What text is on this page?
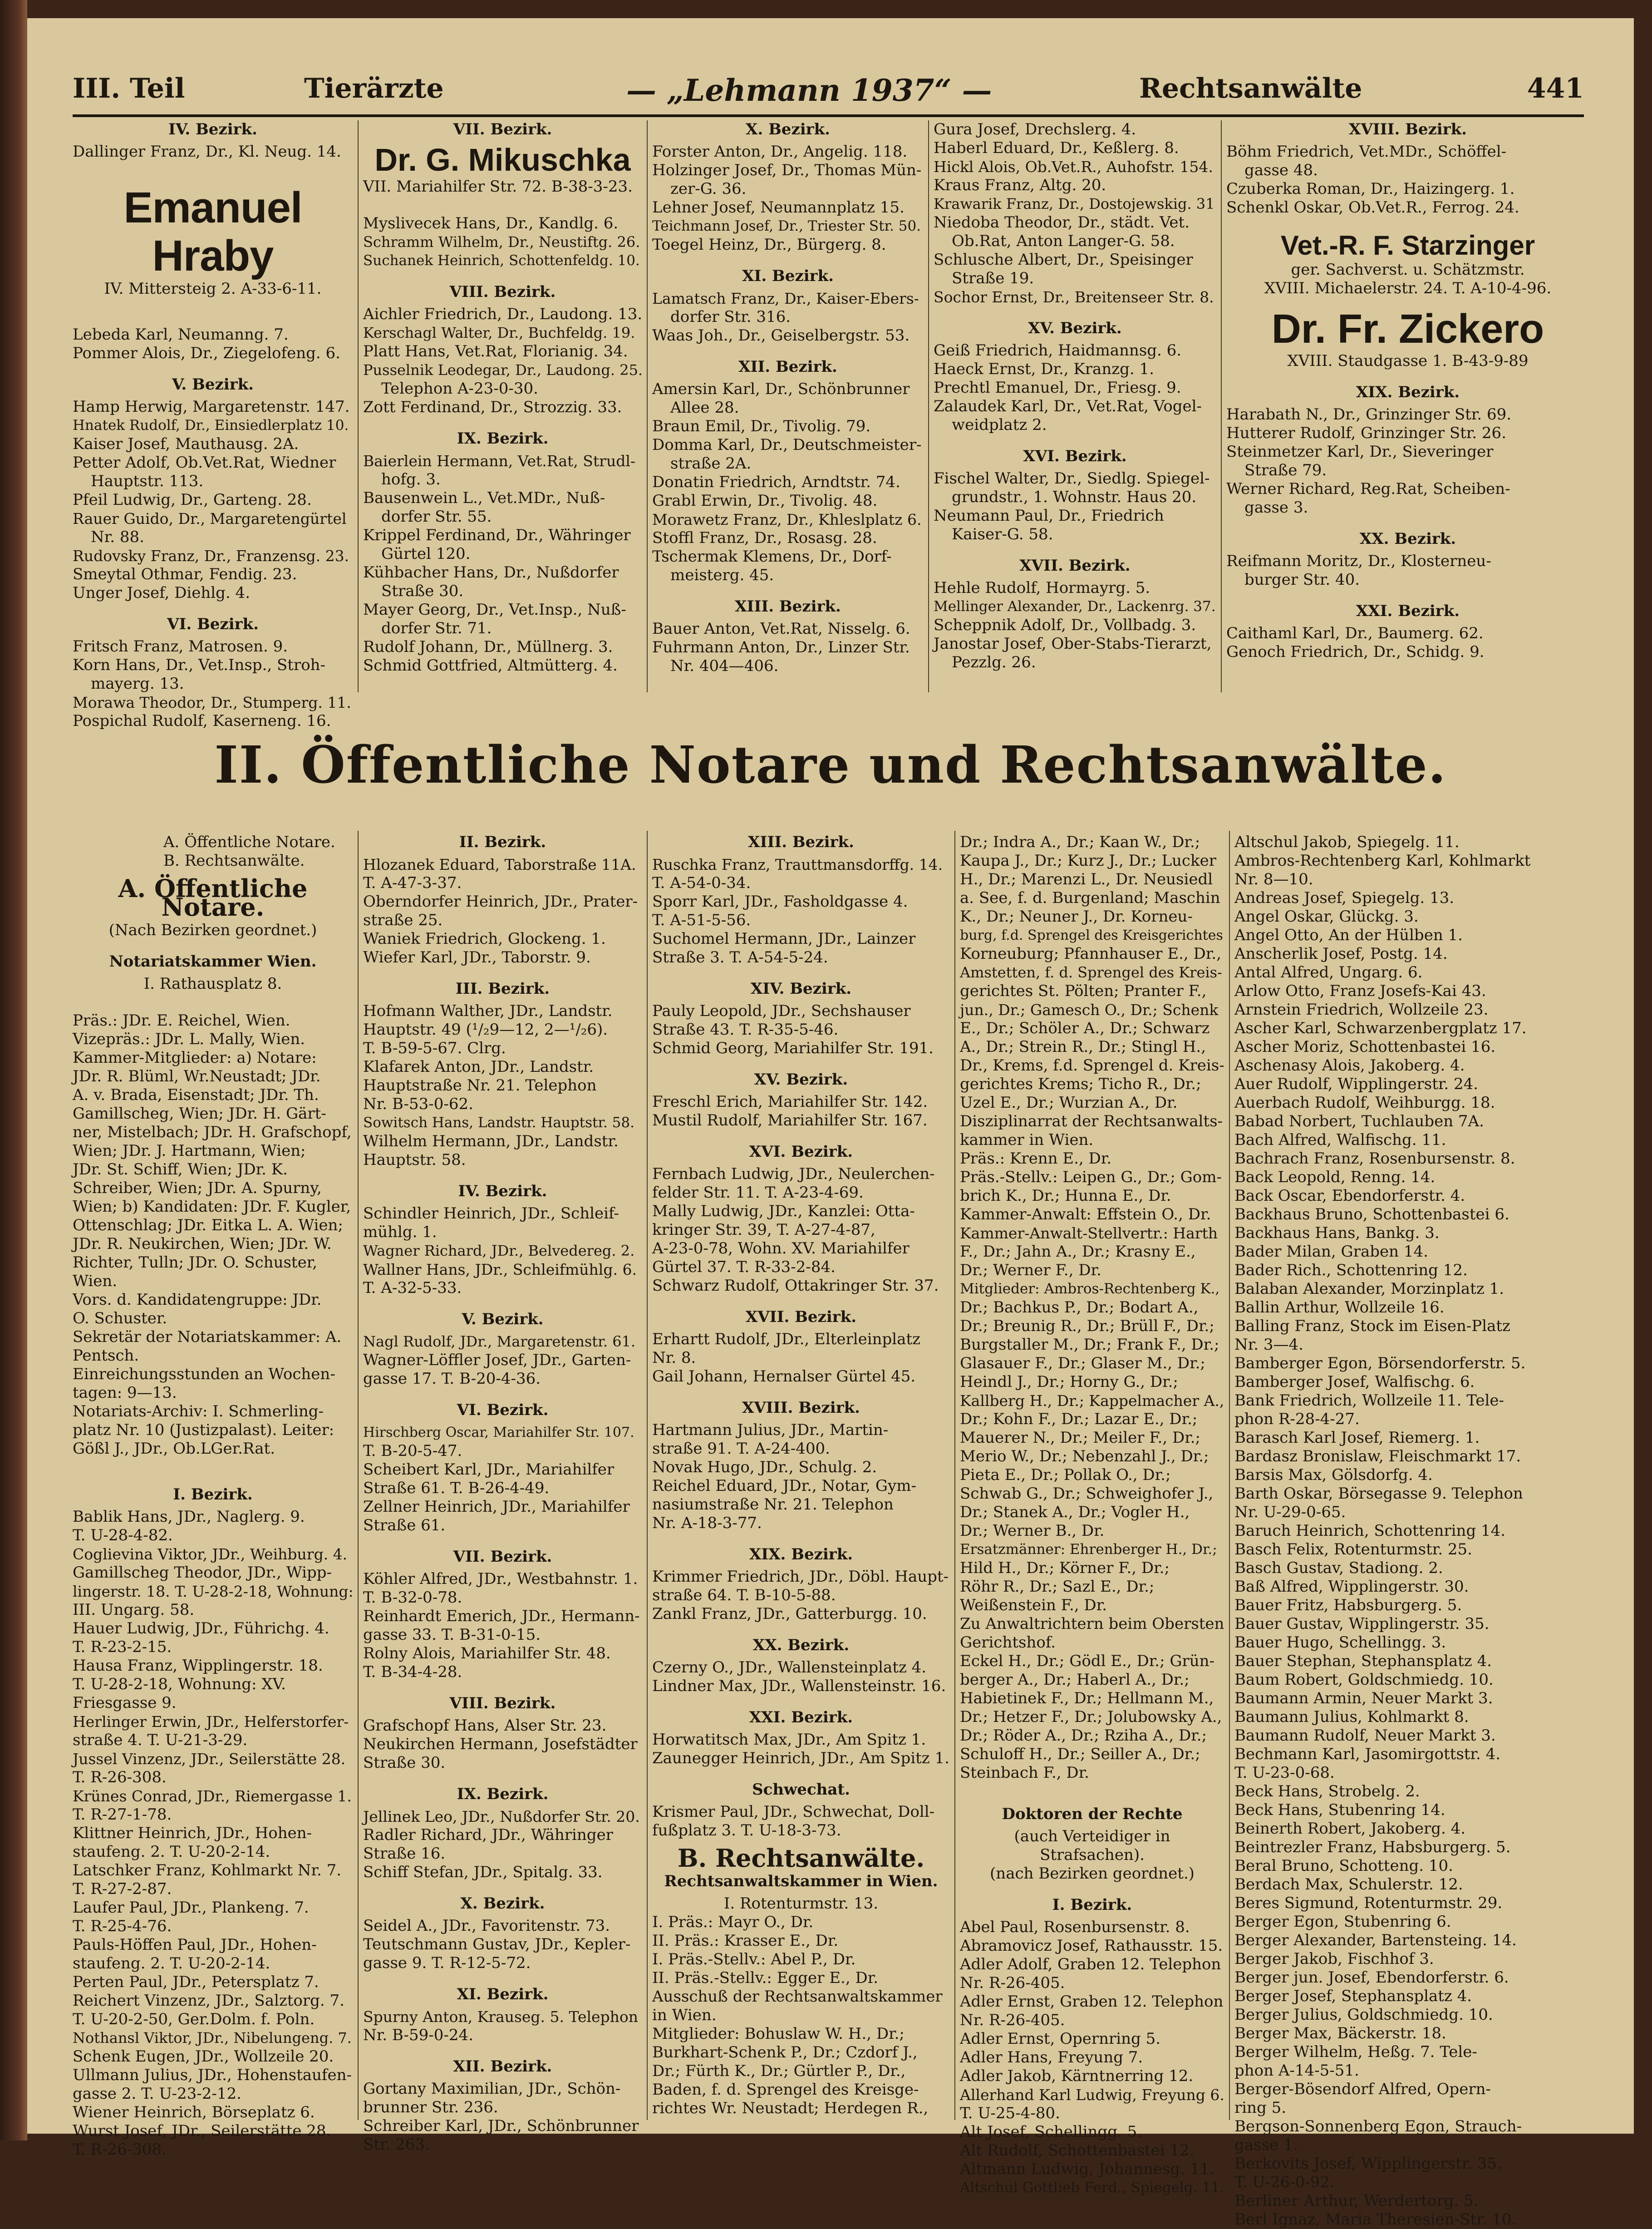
III. Teil	Tierärzte	— „Lehmann 1937“ —	Rechtsanwälte	441
IV. Bezirk.
Dallinger Franz, Dr., Kl. Neug. 14.
Emanuel Hraby
IV. Mittersteig 2. A-33-6-11.
Lebeda Karl, Neumanng. 7.
Pommer Alois, Dr., Ziegelofeng. 6.
V. Bezirk.
Hamp Herwig, Margaretenstr. 147.
Hnatek Rudolf, Dr., Einsiedlerplatz 10.
Kaiser Josef, Mauthausg. 2A.
Petter Adolf, Ob.Vet.Rat, Wiedner
Hauptstr. 113.
Pfeil Ludwig, Dr., Garteng. 28.
Rauer Guido, Dr., Margaretengürtel
Nr. 88.
Rudovsky Franz, Dr., Franzensg. 23.
Smeytal Othmar, Fendig. 23.
Unger Josef, Diehlg. 4.
VI. Bezirk.
Fritsch Franz, Matrosen. 9.
Korn Hans, Dr., Vet.Insp., Stroh-
mayerg. 13.
Morawa Theodor, Dr., Stumperg. 11.
Pospichal Rudolf, Kaserneng. 16.
VII. Bezirk.
Dr. G. Mikuschka
VII. Mariahilfer Str. 72. B-38-3-23.
Myslivecek Hans, Dr., Kandlg. 6.
Schramm Wilhelm, Dr., Neustiftg. 26.
Suchanek Heinrich, Schottenfeldg. 10.
VIII. Bezirk.
Aichler Friedrich, Dr., Laudong. 13.
Kerschagl Walter, Dr., Buchfeldg. 19.
Platt Hans, Vet.Rat, Florianig. 34.
Pusselnik Leodegar, Dr., Laudong. 25.
Telephon A-23-0-30.
Zott Ferdinand, Dr., Strozzig. 33.
IX. Bezirk.
Baierlein Hermann, Vet.Rat, Strudl-
hofg. 3.
Bausenwein L., Vet.MDr., Nuß-
dorfer Str. 55.
Krippel Ferdinand, Dr., Währinger
Gürtel 120.
Kühbacher Hans, Dr., Nußdorfer
Straße 30.
Mayer Georg, Dr., Vet.Insp., Nuß-
dorfer Str. 71.
Rudolf Johann, Dr., Müllnerg. 3.
Schmid Gottfried, Altmütterg. 4.
X. Bezirk.
Forster Anton, Dr., Angelig. 118.
Holzinger Josef, Dr., Thomas Mün-
zer-G. 36.
Lehner Josef, Neumannplatz 15.
Teichmann Josef, Dr., Triester Str. 50.
Toegel Heinz, Dr., Bürgerg. 8.
XI. Bezirk.
Lamatsch Franz, Dr., Kaiser-Ebers-
dorfer Str. 316.
Waas Joh., Dr., Geiselbergstr. 53.
XII. Bezirk.
Amersin Karl, Dr., Schönbrunner
Allee 28.
Braun Emil, Dr., Tivolig. 79.
Domma Karl, Dr., Deutschmeister-
straße 2A.
Donatin Friedrich, Arndtstr. 74.
Grabl Erwin, Dr., Tivolig. 48.
Morawetz Franz, Dr., Khleslplatz 6.
Stoffl Franz, Dr., Rosasg. 28.
Tschermak Klemens, Dr., Dorf-
meisterg. 45.
XIII. Bezirk.
Bauer Anton, Vet.Rat, Nisselg. 6.
Fuhrmann Anton, Dr., Linzer Str.
Nr. 404—406.
Gura Josef, Drechslerg. 4.
Haberl Eduard, Dr., Keßlerg. 8.
Hickl Alois, Ob.Vet.R., Auhofstr. 154.
Kraus Franz, Altg. 20.
Krawarik Franz, Dr., Dostojewskig. 31
Niedoba Theodor, Dr., städt. Vet.
Ob.Rat, Anton Langer-G. 58.
Schlusche Albert, Dr., Speisinger
Straße 19.
Sochor Ernst, Dr., Breitenseer Str. 8.
XV. Bezirk.
Geiß Friedrich, Haidmannsg. 6.
Haeck Ernst, Dr., Kranzg. 1.
Prechtl Emanuel, Dr., Friesg. 9.
Zalaudek Karl, Dr., Vet.Rat, Vogel-
weidplatz 2.
XVI. Bezirk.
Fischel Walter, Dr., Siedlg. Spiegel-
grundstr., 1. Wohnstr. Haus 20.
Neumann Paul, Dr., Friedrich
Kaiser-G. 58.
XVII. Bezirk.
Hehle Rudolf, Hormayrg. 5.
Mellinger Alexander, Dr., Lackenrg. 37.
Scheppnik Adolf, Dr., Vollbadg. 3.
Janostar Josef, Ober-Stabs-Tierarzt,
Pezzlg. 26.
XVIII. Bezirk.
Böhm Friedrich, Vet.MDr., Schöffel-
gasse 48.
Czuberka Roman, Dr., Haizingerg. 1.
Schenkl Oskar, Ob.Vet.R., Ferrog. 24.
Vet.-R. F. Starzinger
ger. Sachverst. u. Schätzmstr.
XVIII. Michaelerstr. 24. T. A-10-4-96.
Dr. Fr. Zickero
XVIII. Staudgasse 1. B-43-9-89
XIX. Bezirk.
Harabath N., Dr., Grinzinger Str. 69.
Hutterer Rudolf, Grinzinger Str. 26.
Steinmetzer Karl, Dr., Sieveringer
Straße 79.
Werner Richard, Reg.Rat, Scheiben-
gasse 3.
XX. Bezirk.
Reifmann Moritz, Dr., Klosterneu-
burger Str. 40.
XXI. Bezirk.
Caithaml Karl, Dr., Baumerg. 62.
Genoch Friedrich, Dr., Schidg. 9.
II. Öffentliche Notare und Rechtsanwälte.
A. Öffentliche Notare.
B. Rechtsanwälte.
A. Öffentliche Notare.
(Nach Bezirken geordnet.)
Notariatskammer Wien.
I. Rathausplatz 8.
Präs.: JDr. E. Reichel, Wien.
Vizepräs.: JDr. L. Mally, Wien.
Kammer-Mitglieder: a) Notare:
JDr. R. Blüml, Wr.Neustadt; JDr.
A. v. Brada, Eisenstadt; JDr. Th.
Gamillscheg, Wien; JDr. H. Gärt-
ner, Mistelbach; JDr. H. Grafschopf,
Wien; JDr. J. Hartmann, Wien;
JDr. St. Schiff, Wien; JDr. K.
Schreiber, Wien; JDr. A. Spurny,
Wien; b) Kandidaten: JDr. F. Kugler,
Ottenschlag; JDr. Eitka L. A. Wien;
JDr. R. Neukirchen, Wien; JDr. W.
Richter, Tulln; JDr. O. Schuster,
Wien.
Vors. d. Kandidatengruppe: JDr.
O. Schuster.
Sekretär der Notariatskammer: A.
Pentsch.
Einreichungsstunden an Wochen-
tagen: 9—13.
Notariats-Archiv: I. Schmerling-
platz Nr. 10 (Justizpalast). Leiter:
Gößl J., JDr., Ob.LGer.Rat.
I. Bezirk.
Bablik Hans, JDr., Naglerg. 9.
T. U-28-4-82.
Coglievina Viktor, JDr., Weihburg. 4.
Gamillscheg Theodor, JDr., Wipp-
lingerstr. 18. T. U-28-2-18, Wohnung:
III. Ungarg. 58.
Hauer Ludwig, JDr., Führichg. 4.
T. R-23-2-15.
Hausa Franz, Wipplingerstr. 18.
T. U-28-2-18, Wohnung: XV.
Friesgasse 9.
Herlinger Erwin, JDr., Helferstorfer-
straße 4. T. U-21-3-29.
Jussel Vinzenz, JDr., Seilerstätte 28.
T. R-26-308.
Krünes Conrad, JDr., Riemergasse 1.
T. R-27-1-78.
Klittner Heinrich, JDr., Hohen-
staufeng. 2. T. U-20-2-14.
Latschker Franz, Kohlmarkt Nr. 7.
T. R-27-2-87.
Laufer Paul, JDr., Plankeng. 7.
T. R-25-4-76.
Pauls-Höffen Paul, JDr., Hohen-
staufeng. 2. T. U-20-2-14.
Perten Paul, JDr., Petersplatz 7.
Reichert Vinzenz, JDr., Salztorg. 7.
T. U-20-2-50, Ger.Dolm. f. Poln.
Nothansl Viktor, JDr., Nibelungeng. 7.
Schenk Eugen, JDr., Wollzeile 20.
Ullmann Julius, JDr., Hohenstaufen-
gasse 2. T. U-23-2-12.
Wiener Heinrich, Börseplatz 6.
Wurst Josef, JDr., Seilerstätte 28.
T. R-26-308.
II. Bezirk.
Hlozanek Eduard, Taborstraße 11A.
T. A-47-3-37.
Oberndorfer Heinrich, JDr., Prater-
straße 25.
Waniek Friedrich, Glockeng. 1.
Wiefer Karl, JDr., Taborstr. 9.
III. Bezirk.
Hofmann Walther, JDr., Landstr.
Hauptstr. 49 (¹/₂9—12, 2—¹/₂6).
T. B-59-5-67. Clrg.
Klafarek Anton, JDr., Landstr.
Hauptstraße Nr. 21. Telephon
Nr. B-53-0-62.
Sowitsch Hans, Landstr. Hauptstr. 58.
Wilhelm Hermann, JDr., Landstr.
Hauptstr. 58.
IV. Bezirk.
Schindler Heinrich, JDr., Schleif-
mühlg. 1.
Wagner Richard, JDr., Belvedereg. 2.
Wallner Hans, JDr., Schleifmühlg. 6.
T. A-32-5-33.
V. Bezirk.
Nagl Rudolf, JDr., Margaretenstr. 61.
Wagner-Löffler Josef, JDr., Garten-
gasse 17. T. B-20-4-36.
VI. Bezirk.
Hirschberg Oscar, Mariahilfer Str. 107.
T. B-20-5-47.
Scheibert Karl, JDr., Mariahilfer
Straße 61. T. B-26-4-49.
Zellner Heinrich, JDr., Mariahilfer
Straße 61.
VII. Bezirk.
Köhler Alfred, JDr., Westbahnstr. 1.
T. B-32-0-78.
Reinhardt Emerich, JDr., Hermann-
gasse 33. T. B-31-0-15.
Rolny Alois, Mariahilfer Str. 48.
T. B-34-4-28.
VIII. Bezirk.
Grafschopf Hans, Alser Str. 23.
Neukirchen Hermann, Josefstädter
Straße 30.
IX. Bezirk.
Jellinek Leo, JDr., Nußdorfer Str. 20.
Radler Richard, JDr., Währinger
Straße 16.
Schiff Stefan, JDr., Spitalg. 33.
X. Bezirk.
Seidel A., JDr., Favoritenstr. 73.
Teutschmann Gustav, JDr., Kepler-
gasse 9. T. R-12-5-72.
XI. Bezirk.
Spurny Anton, Krauseg. 5. Telephon
Nr. B-59-0-24.
XII. Bezirk.
Gortany Maximilian, JDr., Schön-
brunner Str. 236.
Schreiber Karl, JDr., Schönbrunner
Str. 263.
XIII. Bezirk.
Ruschka Franz, Trauttmansdorffg. 14.
T. A-54-0-34.
Sporr Karl, JDr., Fasholdgasse 4.
T. A-51-5-56.
Suchomel Hermann, JDr., Lainzer
Straße 3. T. A-54-5-24.
XIV. Bezirk.
Pauly Leopold, JDr., Sechshauser
Straße 43. T. R-35-5-46.
Schmid Georg, Mariahilfer Str. 191.
XV. Bezirk.
Freschl Erich, Mariahilfer Str. 142.
Mustil Rudolf, Mariahilfer Str. 167.
XVI. Bezirk.
Fernbach Ludwig, JDr., Neulerchen-
felder Str. 11. T. A-23-4-69.
Mally Ludwig, JDr., Kanzlei: Otta-
kringer Str. 39, T. A-27-4-87,
A-23-0-78, Wohn. XV. Mariahilfer
Gürtel 37. T. R-33-2-84.
Schwarz Rudolf, Ottakringer Str. 37.
XVII. Bezirk.
Erhartt Rudolf, JDr., Elterleinplatz
Nr. 8.
Gail Johann, Hernalser Gürtel 45.
XVIII. Bezirk.
Hartmann Julius, JDr., Martin-
straße 91. T. A-24-400.
Novak Hugo, JDr., Schulg. 2.
Reichel Eduard, JDr., Notar, Gym-
nasiumstraße Nr. 21. Telephon
Nr. A-18-3-77.
XIX. Bezirk.
Krimmer Friedrich, JDr., Döbl. Haupt-
straße 64. T. B-10-5-88.
Zankl Franz, JDr., Gatterburgg. 10.
XX. Bezirk.
Czerny O., JDr., Wallensteinplatz 4.
Lindner Max, JDr., Wallensteinstr. 16.
XXI. Bezirk.
Horwatitsch Max, JDr., Am Spitz 1.
Zaunegger Heinrich, JDr., Am Spitz 1.
Schwechat.
Krismer Paul, JDr., Schwechat, Doll-
fußplatz 3. T. U-18-3-73.
B. Rechtsanwälte.
Rechtsanwaltskammer in Wien.
I. Rotenturmstr. 13.
I. Präs.: Mayr O., Dr.
II. Präs.: Krasser E., Dr.
I. Präs.-Stellv.: Abel P., Dr.
II. Präs.-Stellv.: Egger E., Dr.
Ausschuß der Rechtsanwaltskammer
in Wien.
Mitglieder: Bohuslaw W. H., Dr.;
Burkhart-Schenk P., Dr.; Czdorf J.,
Dr.; Fürth K., Dr.; Gürtler P., Dr.,
Baden, f. d. Sprengel des Kreisge-
richtes Wr. Neustadt; Herdegen R.,
Dr.; Indra A., Dr.; Kaan W., Dr.;
Kaupa J., Dr.; Kurz J., Dr.; Lucker
H., Dr.; Marenzi L., Dr. Neusiedl
a. See, f. d. Burgenland; Maschin
K., Dr.; Neuner J., Dr. Korneu-
burg, f.d. Sprengel des Kreisgerichtes
Korneuburg; Pfannhauser E., Dr.,
Amstetten, f. d. Sprengel des Kreis-
gerichtes St. Pölten; Pranter F.,
jun., Dr.; Gamesch O., Dr.; Schenk
E., Dr.; Schöler A., Dr.; Schwarz
A., Dr.; Strein R., Dr.; Stingl H.,
Dr., Krems, f.d. Sprengel d. Kreis-
gerichtes Krems; Ticho R., Dr.;
Uzel E., Dr.; Wurzian A., Dr.
Disziplinarrat der Rechtsanwalts-
kammer in Wien.
Präs.: Krenn E., Dr.
Präs.-Stellv.: Leipen G., Dr.; Gom-
brich K., Dr.; Hunna E., Dr.
Kammer-Anwalt: Effstein O., Dr.
Kammer-Anwalt-Stellvertr.: Harth
F., Dr.; Jahn A., Dr.; Krasny E.,
Dr.; Werner F., Dr.
Mitglieder: Ambros-Rechtenberg K.,
Dr.; Bachkus P., Dr.; Bodart A.,
Dr.; Breunig R., Dr.; Brüll F., Dr.;
Burgstaller M., Dr.; Frank F., Dr.;
Glasauer F., Dr.; Glaser M., Dr.;
Heindl J., Dr.; Horny G., Dr.;
Kallberg H., Dr.; Kappelmacher A.,
Dr.; Kohn F., Dr.; Lazar E., Dr.;
Mauerer N., Dr.; Meiler F., Dr.;
Merio W., Dr.; Nebenzahl J., Dr.;
Pieta E., Dr.; Pollak O., Dr.;
Schwab G., Dr.; Schweighofer J.,
Dr.; Stanek A., Dr.; Vogler H.,
Dr.; Werner B., Dr.
Ersatzmänner: Ehrenberger H., Dr.;
Hild H., Dr.; Körner F., Dr.;
Röhr R., Dr.; Sazl E., Dr.;
Weißenstein F., Dr.
Zu Anwaltrichtern beim Obersten
Gerichtshof.
Eckel H., Dr.; Gödl E., Dr.; Grün-
berger A., Dr.; Haberl A., Dr.;
Habietinek F., Dr.; Hellmann M.,
Dr.; Hetzer F., Dr.; Jolubowsky A.,
Dr.; Röder A., Dr.; Rziha A., Dr.;
Schuloff H., Dr.; Seiller A., Dr.;
Steinbach F., Dr.
Doktoren der Rechte
(auch Verteidiger in Strafsachen).
(nach Bezirken geordnet.)
I. Bezirk.
Abel Paul, Rosenbursenstr. 8.
Abramovicz Josef, Rathausstr. 15.
Adler Adolf, Graben 12. Telephon
Nr. R-26-405.
Adler Ernst, Graben 12. Telephon
Nr. R-26-405.
Adler Ernst, Opernring 5.
Adler Hans, Freyung 7.
Adler Jakob, Kärntnerring 12.
Allerhand Karl Ludwig, Freyung 6.
T. U-25-4-80.
Alt Josef, Schellingg. 5.
Alt Rudolf, Schottenbastei 12.
Altmann Ludwig, Johannesg. 11.
Altschul Gottlieb Ferd., Spiegelg. 11.
Altschul Jakob, Spiegelg. 11.
Ambros-Rechtenberg Karl, Kohlmarkt
Nr. 8—10.
Andreas Josef, Spiegelg. 13.
Angel Oskar, Glückg. 3.
Angel Otto, An der Hülben 1.
Anscherlik Josef, Postg. 14.
Antal Alfred, Ungarg. 6.
Arlow Otto, Franz Josefs-Kai 43.
Arnstein Friedrich, Wollzeile 23.
Ascher Karl, Schwarzenbergplatz 17.
Ascher Moriz, Schottenbastei 16.
Aschenasy Alois, Jakoberg. 4.
Auer Rudolf, Wipplingerstr. 24.
Auerbach Rudolf, Weihburgg. 18.
Babad Norbert, Tuchlauben 7A.
Bach Alfred, Walfischg. 11.
Bachrach Franz, Rosenbursenstr. 8.
Back Leopold, Renng. 14.
Back Oscar, Ebendorferstr. 4.
Backhaus Bruno, Schottenbastei 6.
Backhaus Hans, Bankg. 3.
Bader Milan, Graben 14.
Bader Rich., Schottenring 12.
Balaban Alexander, Morzinplatz 1.
Ballin Arthur, Wollzeile 16.
Balling Franz, Stock im Eisen-Platz
Nr. 3—4.
Bamberger Egon, Börsendorferstr. 5.
Bamberger Josef, Walfischg. 6.
Bank Friedrich, Wollzeile 11. Tele-
phon R-28-4-27.
Barasch Karl Josef, Riemerg. 1.
Bardasz Bronislaw, Fleischmarkt 17.
Barsis Max, Gölsdorfg. 4.
Barth Oskar, Börsegasse 9. Telephon
Nr. U-29-0-65.
Baruch Heinrich, Schottenring 14.
Basch Felix, Rotenturmstr. 25.
Basch Gustav, Stadiong. 2.
Baß Alfred, Wipplingerstr. 30.
Bauer Fritz, Habsburgerg. 5.
Bauer Gustav, Wipplingerstr. 35.
Bauer Hugo, Schellingg. 3.
Bauer Stephan, Stephansplatz 4.
Baum Robert, Goldschmiedg. 10.
Baumann Armin, Neuer Markt 3.
Baumann Julius, Kohlmarkt 8.
Baumann Rudolf, Neuer Markt 3.
Bechmann Karl, Jasomirgottstr. 4.
T. U-23-0-68.
Beck Hans, Strobelg. 2.
Beck Hans, Stubenring 14.
Beinerth Robert, Jakoberg. 4.
Beintrezler Franz, Habsburgerg. 5.
Beral Bruno, Schotteng. 10.
Berdach Max, Schulerstr. 12.
Beres Sigmund, Rotenturmstr. 29.
Berger Egon, Stubenring 6.
Berger Alexander, Bartensteing. 14.
Berger Jakob, Fischhof 3.
Berger jun. Josef, Ebendorferstr. 6.
Berger Josef, Stephansplatz 4.
Berger Julius, Goldschmiedg. 10.
Berger Max, Bäckerstr. 18.
Berger Wilhelm, Heßg. 7. Tele-
phon A-14-5-51.
Berger-Bösendorf Alfred, Opern-
ring 5.
Bergson-Sonnenberg Egon, Strauch-
gasse 1.
Berkovits Josef, Wipplingerstr. 35.
T. U-26-0-92.
Berliner Arthur, Werdertorg. 5.
Berl Ignaz, Maria Theresien-Str. 10.
